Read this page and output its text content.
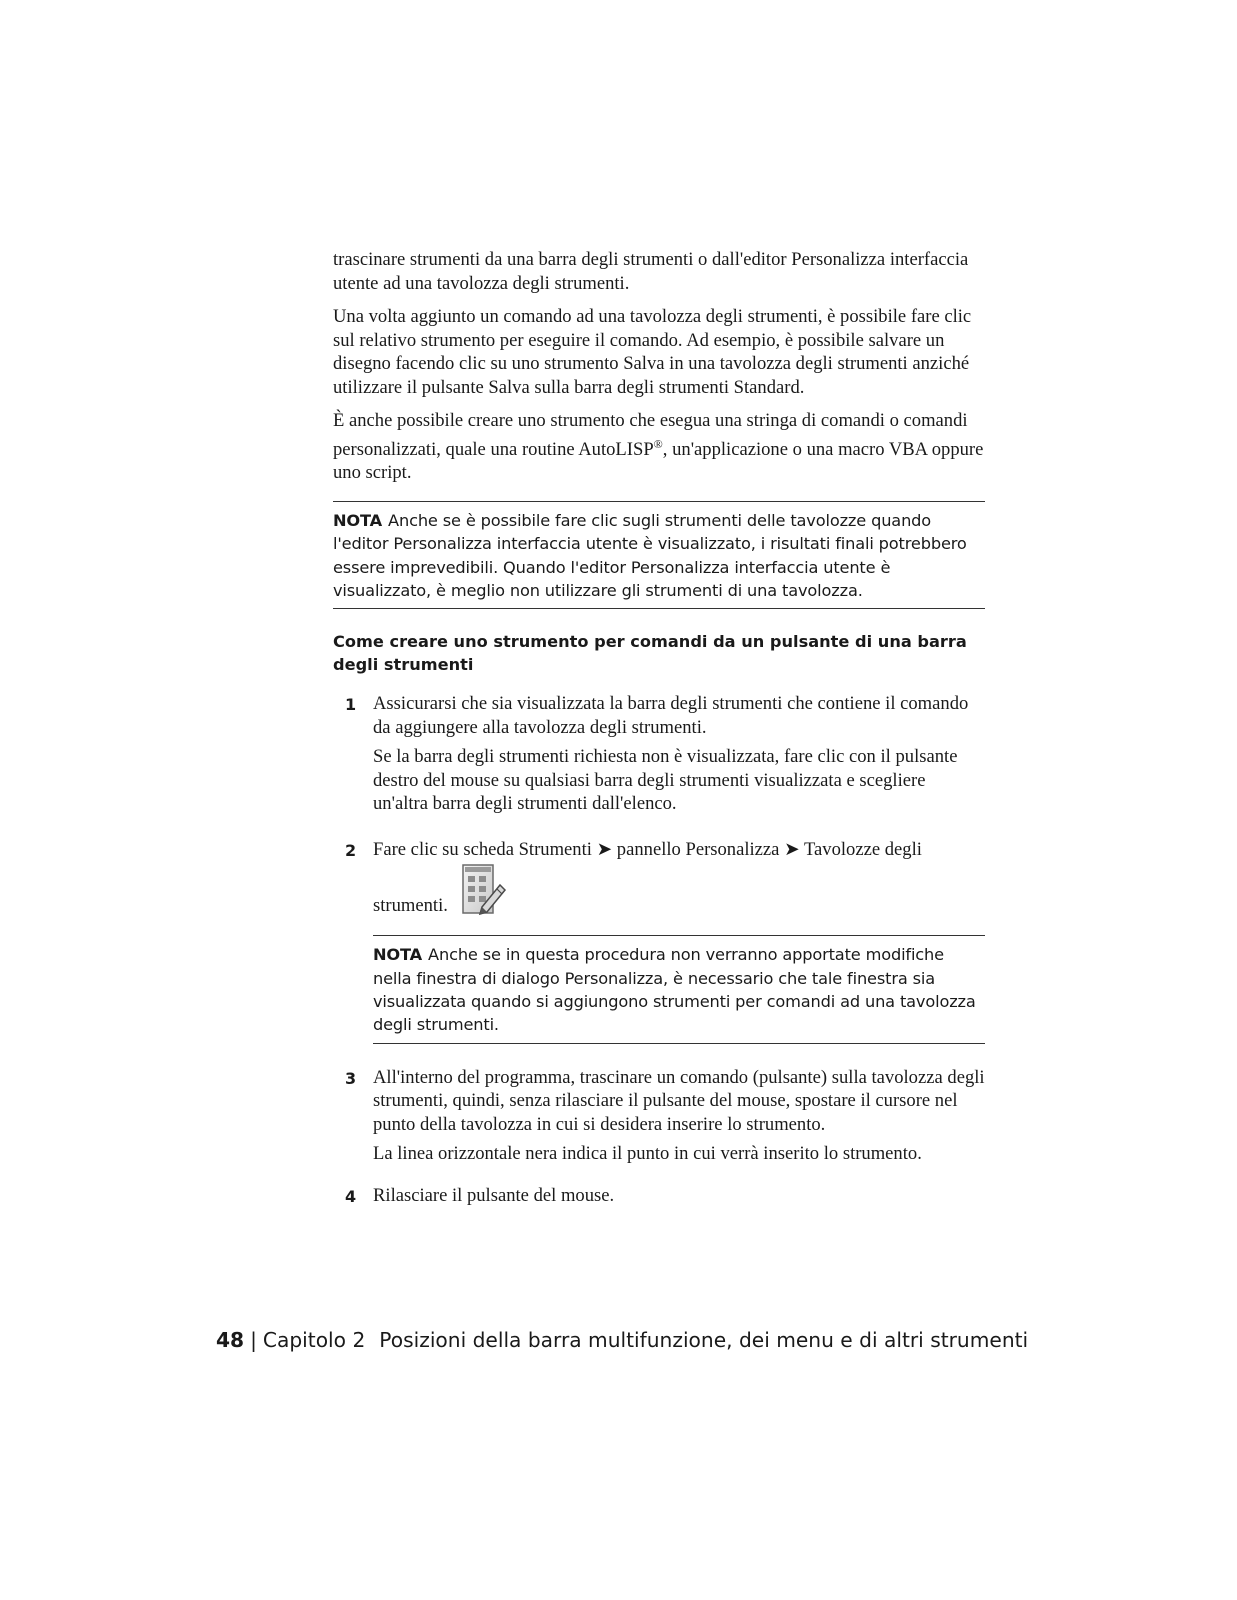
trascinare strumenti da una barra degli strumenti o dall'editor Personalizza interfaccia utente ad una tavolozza degli strumenti.

Una volta aggiunto un comando ad una tavolozza degli strumenti, è possibile fare clic sul relativo strumento per eseguire il comando. Ad esempio, è possibile salvare un disegno facendo clic su uno strumento Salva in una tavolozza degli strumenti anziché utilizzare il pulsante Salva sulla barra degli strumenti Standard.

È anche possibile creare uno strumento che esegua una stringa di comandi o comandi personalizzati, quale una routine AutoLISP®, un'applicazione o una macro VBA oppure uno script.

NOTA Anche se è possibile fare clic sugli strumenti delle tavolozze quando l'editor Personalizza interfaccia utente è visualizzato, i risultati finali potrebbero essere imprevedibili. Quando l'editor Personalizza interfaccia utente è visualizzato, è meglio non utilizzare gli strumenti di una tavolozza.
Come creare uno strumento per comandi da un pulsante di una barra degli strumenti
1 Assicurarsi che sia visualizzata la barra degli strumenti che contiene il comando da aggiungere alla tavolozza degli strumenti.

Se la barra degli strumenti richiesta non è visualizzata, fare clic con il pulsante destro del mouse su qualsiasi barra degli strumenti visualizzata e scegliere un'altra barra degli strumenti dall'elenco.

2 Fare clic su scheda Strumenti ➤ pannello Personalizza ➤ Tavolozze degli

strumenti.
NOTA Anche se in questa procedura non verranno apportate modifiche nella finestra di dialogo Personalizza, è necessario che tale finestra sia visualizzata quando si aggiungono strumenti per comandi ad una tavolozza degli strumenti.
3 All'interno del programma, trascinare un comando (pulsante) sulla tavolozza degli strumenti, quindi, senza rilasciare il pulsante del mouse, spostare il cursore nel punto della tavolozza in cui si desidera inserire lo strumento.

La linea orizzontale nera indica il punto in cui verrà inserito lo strumento.

4 Rilasciare il pulsante del mouse.

48 | Capitolo 2 Posizioni della barra multifunzione, dei menu e di altri strumenti
